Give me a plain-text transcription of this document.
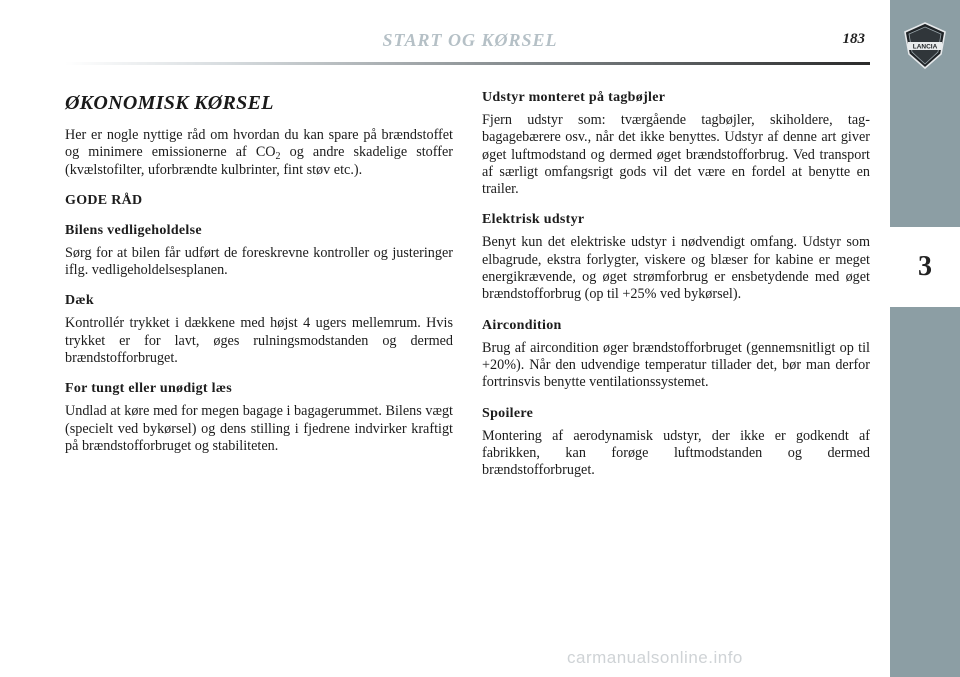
START OG KØRSEL	183	LANCIA
3
ØKONOMISK KØRSEL

Her er nogle nyttige råd om hvordan du kan spare på brændstoffet og minimere emissionerne af $CO_2$ og andre skadelige stoffer (kvælstofilter, uforbrændte kulbrinter, fint støv etc.).

GODE RÅD
Bilens vedligeholdelse

Sørg for at bilen får udført de foreskrevne kontroller og justeringer iflg. vedligeholdelsesplanen.

Dæk

Kontrollér trykket i dækkene med højst 4 ugers mellemrum. Hvis trykket er for lavt, øges rulningsmodstanden og dermed brændstofforbruget.

For tungt eller unødigt læs

Undlad at køre med for megen bagage i bagagerummet. Bilens vægt (specielt ved bykørsel) og dens stilling i fjedrene indvirker kraftigt på brændstofforbruget og stabiliteten.

Udstyr monteret på tagbøjler

Fjern udstyr som: tværgående tagbøjler, skiholdere, tagbagagebærere osv., når det ikke benyttes. Udstyr af denne art giver øget luftmodstand og dermed øget brændstofforbrug. Ved transport af særligt omfangsrigt gods vil det være en fordel at benytte en trailer.

Elektrisk udstyr

Benyt kun det elektriske udstyr i nødvendigt omfang. Udstyr som elbagrude, ekstra forlygter, viskere og blæser for kabine er meget energikrævende, og øget strømforbrug er ensbetydende med øget brændstofforbrug (op til +25% ved bykørsel).

Aircondition

Brug af aircondition øger brændstofforbruget (gennemsnitligt op til +20%). Når den udvendige temperatur tillader det, bør man derfor fortrinsvis benytte ventilationssystemet.

Spoilere

Montering af aerodynamisk udstyr, der ikke er godkendt af fabrikken, kan forøge luftmodstanden og dermed brændstofforbruget.

carmanualsonline.info
